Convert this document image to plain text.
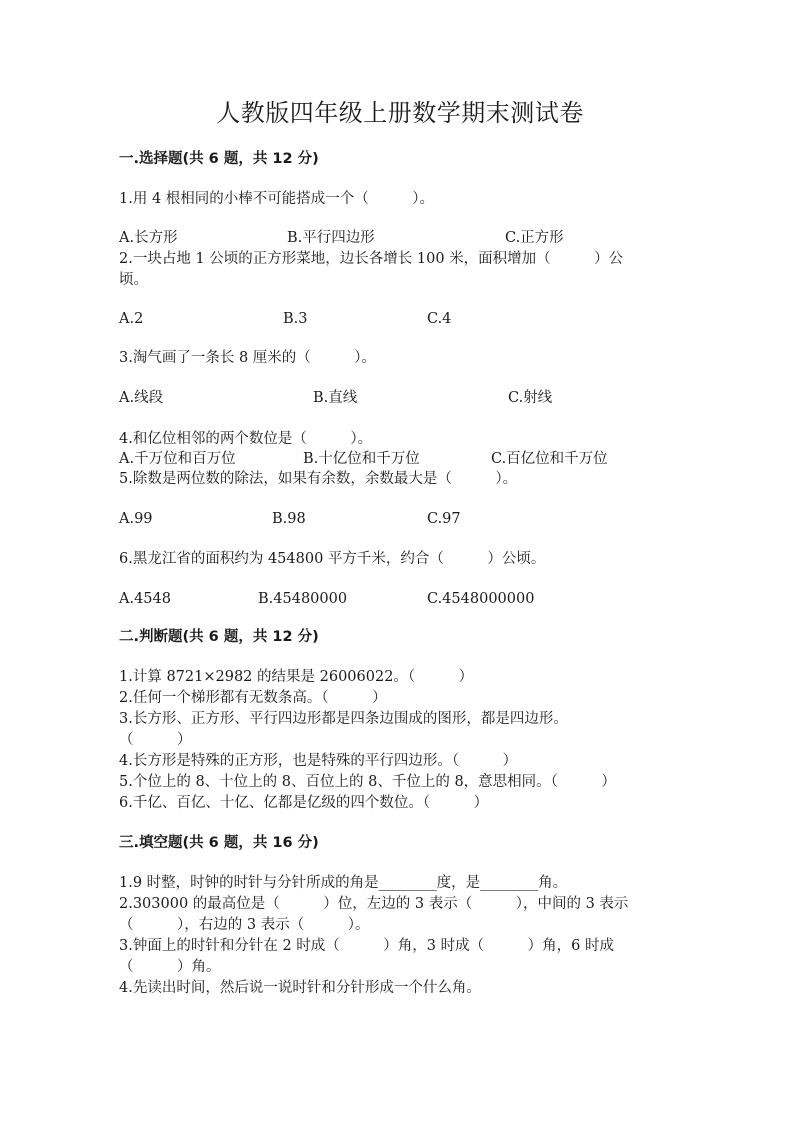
人教版四年级上册数学期末测试卷
一.选择题(共 6 题，共 12 分)
1.用 4 根相同的小棒不可能搭成一个（　　　）。
A.长方形	B.平行四边形	C.正方形
2.一块占地 1 公顷的正方形菜地，边长各增长 100 米，面积增加（　　　）公
顷。
A.2	B.3	C.4
3.淘气画了一条长 8 厘米的（　　　）。
A.线段	B.直线	C.射线
4.和亿位相邻的两个数位是（　　　）。
A.千万位和百万位	B.十亿位和千万位	C.百亿位和千万位
5.除数是两位数的除法，如果有余数，余数最大是（　　　）。
A.99	B.98	C.97
6.黑龙江省的面积约为 454800 平方千米，约合（　　　）公顷。
A.4548	B.45480000	C.4548000000
二.判断题(共 6 题，共 12 分)
1.计算 8721×2982 的结果是 26006022。（　　　）
2.任何一个梯形都有无数条高。（　　　）
3.长方形、正方形、平行四边形都是四条边围成的图形，都是四边形。
（　　　）
4.长方形是特殊的正方形，也是特殊的平行四边形。（　　　）
5.个位上的 8、十位上的 8、百位上的 8、千位上的 8，意思相同。（　　　）
6.千亿、百亿、十亿、亿都是亿级的四个数位。（　　　）
三.填空题(共 6 题，共 16 分)
1.9 时整，时钟的时针与分针所成的角是________度，是________角。
2.303000 的最高位是（　　　）位，左边的 3 表示（　　　），中间的 3 表示
（　　　），右边的 3 表示（　　　）。
3.钟面上的时针和分针在 2 时成（　　　）角，3 时成（　　　）角，6 时成
（　　　）角。
4.先读出时间，然后说一说时针和分针形成一个什么角。
